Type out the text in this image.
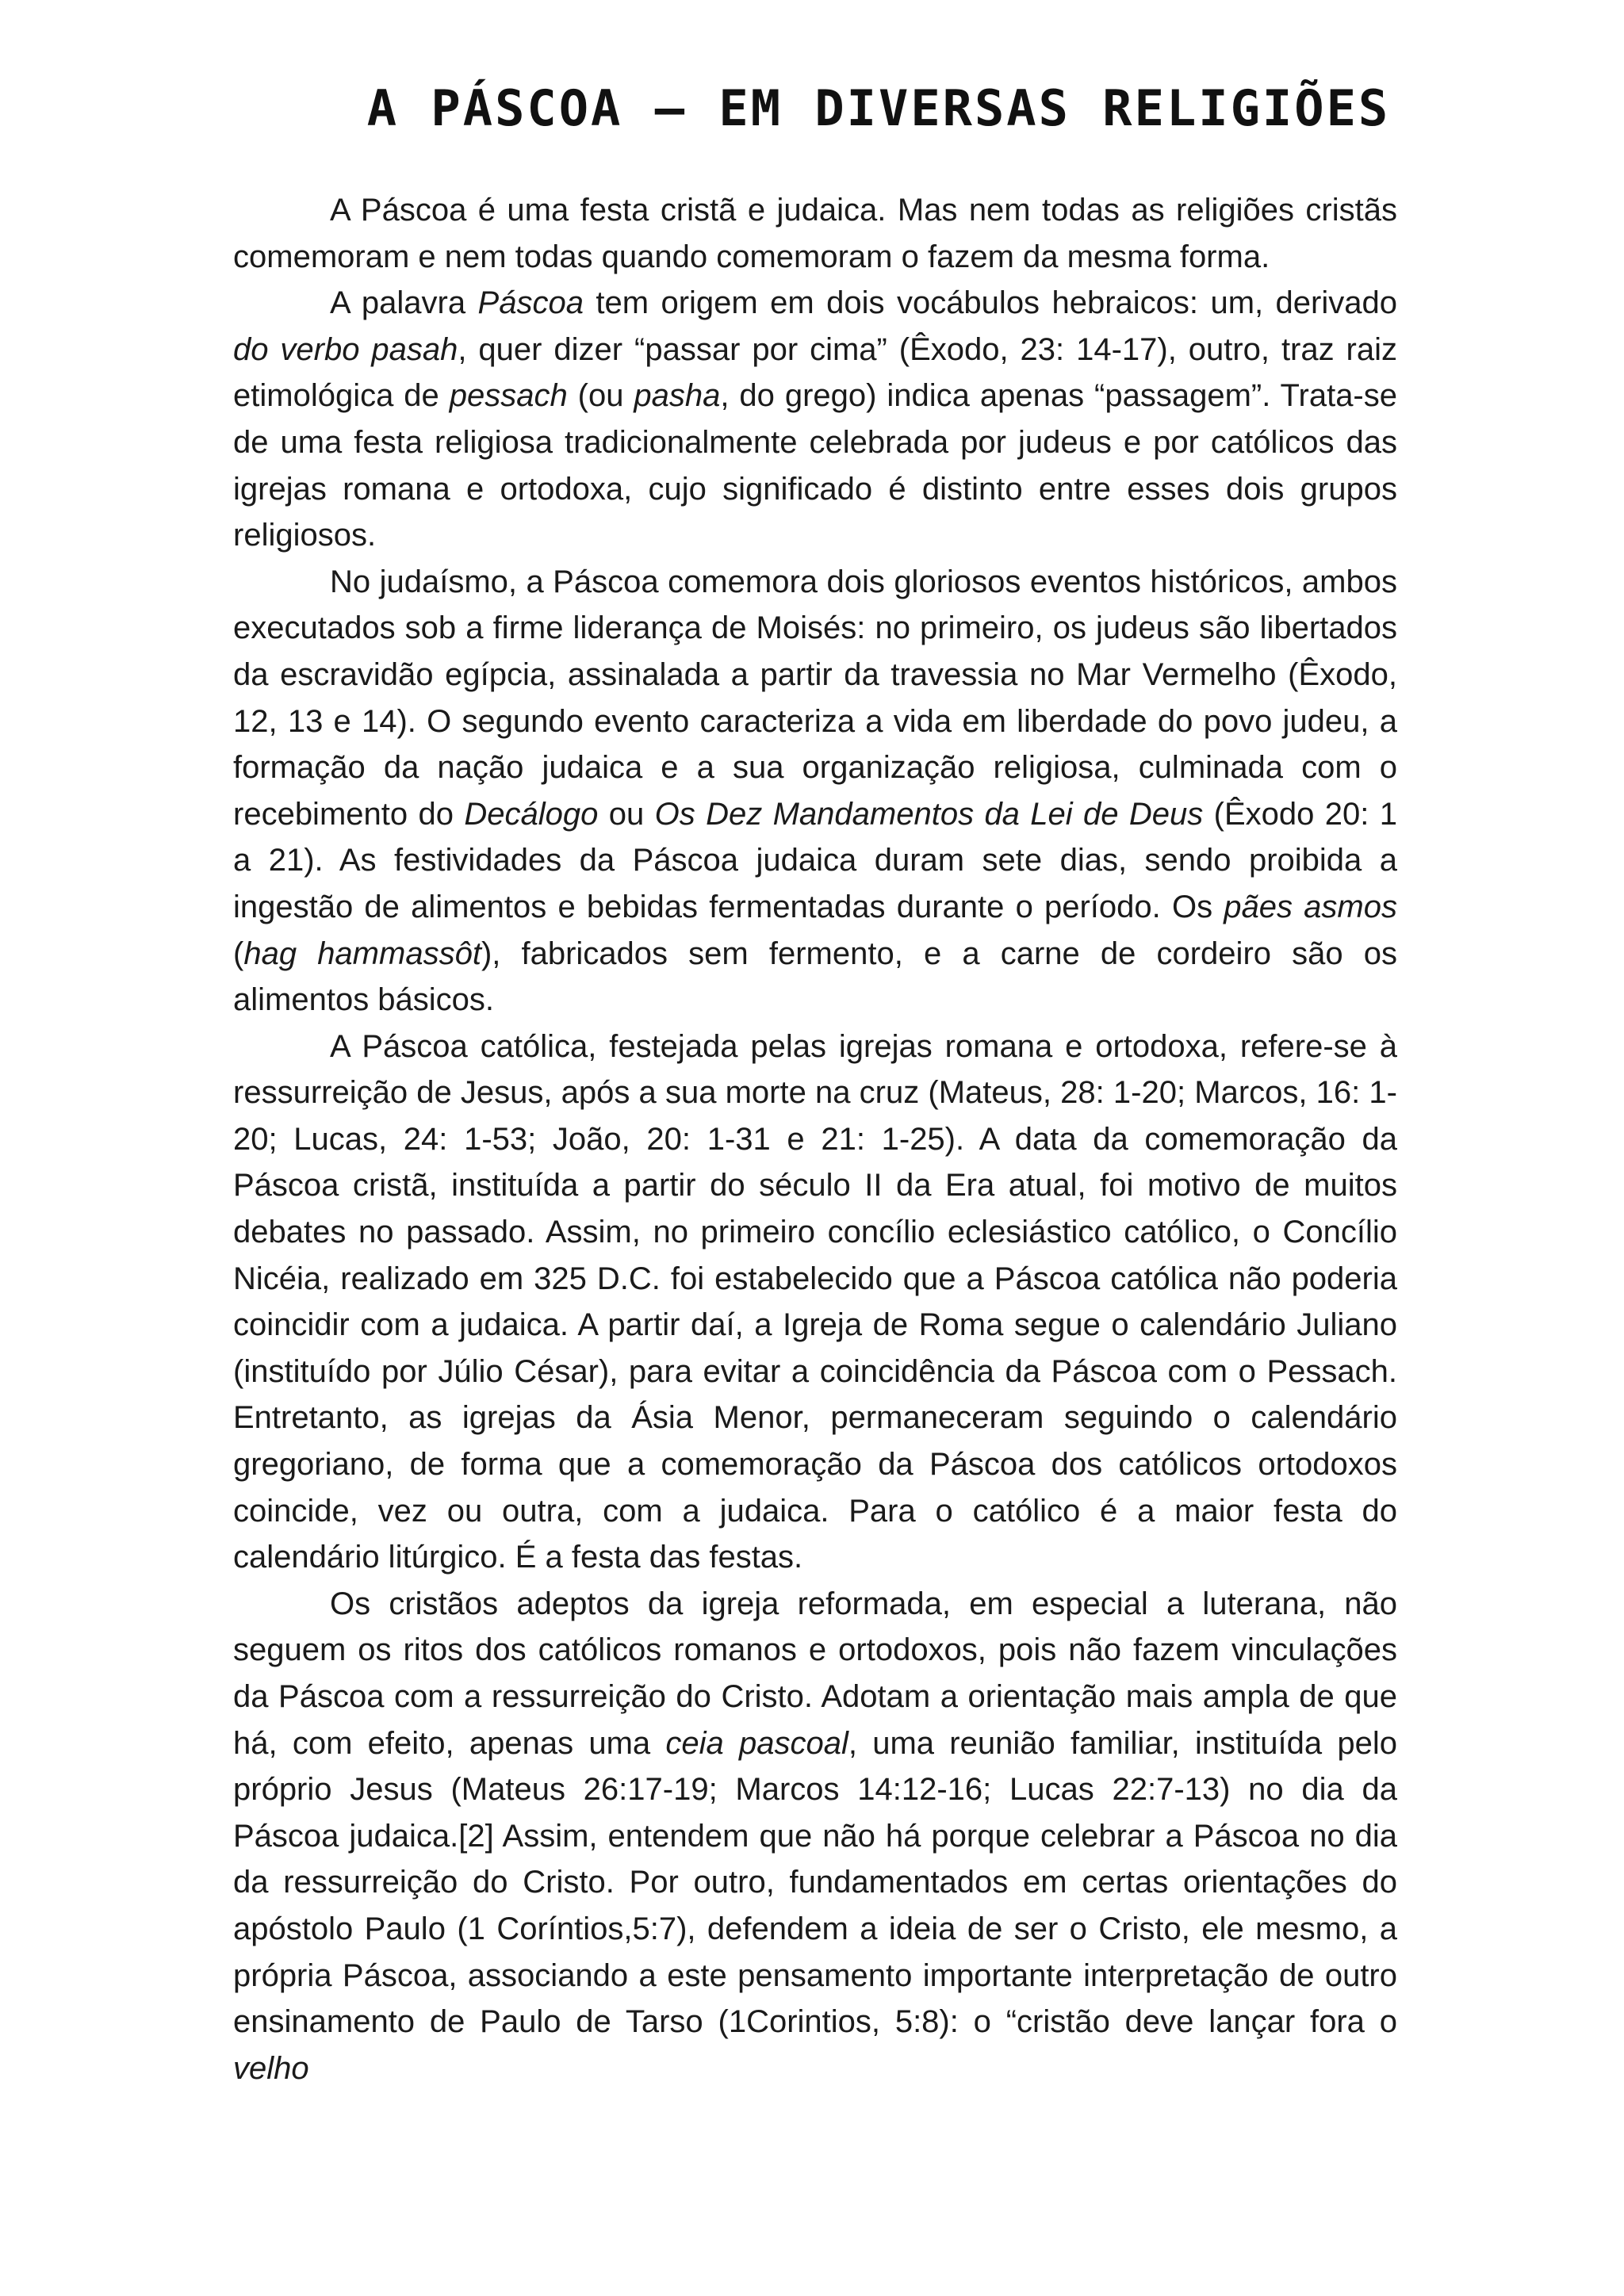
A PÁSCOA – EM DIVERSAS RELIGIÕES

A Páscoa é uma festa cristã e judaica. Mas nem todas as religiões cristãs comemoram e nem todas quando comemoram o fazem da mesma forma.

A palavra Páscoa tem origem em dois vocábulos hebraicos: um, derivado do verbo pasah, quer dizer “passar por cima” (Êxodo, 23: 14-17), outro, traz raiz etimológica de pessach (ou pasha, do grego) indica apenas “passagem”. Trata-se de uma festa religiosa tradicionalmente celebrada por judeus e por católicos das igrejas romana e ortodoxa, cujo significado é distinto entre esses dois grupos religiosos.

No judaísmo, a Páscoa comemora dois gloriosos eventos históricos, ambos executados sob a firme liderança de Moisés: no primeiro, os judeus são libertados da escravidão egípcia, assinalada a partir da travessia no Mar Vermelho (Êxodo, 12, 13 e 14). O segundo evento caracteriza a vida em liberdade do povo judeu, a formação da nação judaica e a sua organização religiosa, culminada com o recebimento do Decálogo ou Os Dez Mandamentos da Lei de Deus (Êxodo 20: 1 a 21). As festividades da Páscoa judaica duram sete dias, sendo proibida a ingestão de alimentos e bebidas fermentadas durante o período. Os pães asmos (hag hammassôt), fabricados sem fermento, e a carne de cordeiro são os alimentos básicos.

A Páscoa católica, festejada pelas igrejas romana e ortodoxa, refere-se à ressurreição de Jesus, após a sua morte na cruz (Mateus, 28: 1-20; Marcos, 16: 1-20; Lucas, 24: 1-53; João, 20: 1-31 e 21: 1-25). A data da comemoração da Páscoa cristã, instituída a partir do século II da Era atual, foi motivo de muitos debates no passado. Assim, no primeiro concílio eclesiástico católico, o Concílio Nicéia, realizado em 325 D.C. foi estabelecido que a Páscoa católica não poderia coincidir com a judaica. A partir daí, a Igreja de Roma segue o calendário Juliano (instituído por Júlio César), para evitar a coincidência da Páscoa com o Pessach. Entretanto, as igrejas da Ásia Menor, permaneceram seguindo o calendário gregoriano, de forma que a comemoração da Páscoa dos católicos ortodoxos coincide, vez ou outra, com a judaica. Para o católico é a maior festa do calendário litúrgico. É a festa das festas.

Os cristãos adeptos da igreja reformada, em especial a luterana, não seguem os ritos dos católicos romanos e ortodoxos, pois não fazem vinculações da Páscoa com a ressurreição do Cristo. Adotam a orientação mais ampla de que há, com efeito, apenas uma ceia pascoal, uma reunião familiar, instituída pelo próprio Jesus (Mateus 26:17-19; Marcos 14:12-16; Lucas 22:7-13) no dia da Páscoa judaica.[2] Assim, entendem que não há porque celebrar a Páscoa no dia da ressurreição do Cristo. Por outro, fundamentados em certas orientações do apóstolo Paulo (1 Coríntios,5:7), defendem a ideia de ser o Cristo, ele mesmo, a própria Páscoa, associando a este pensamento importante interpretação de outro ensinamento de Paulo de Tarso (1Corintios, 5:8): o “cristão deve lançar fora o velho
